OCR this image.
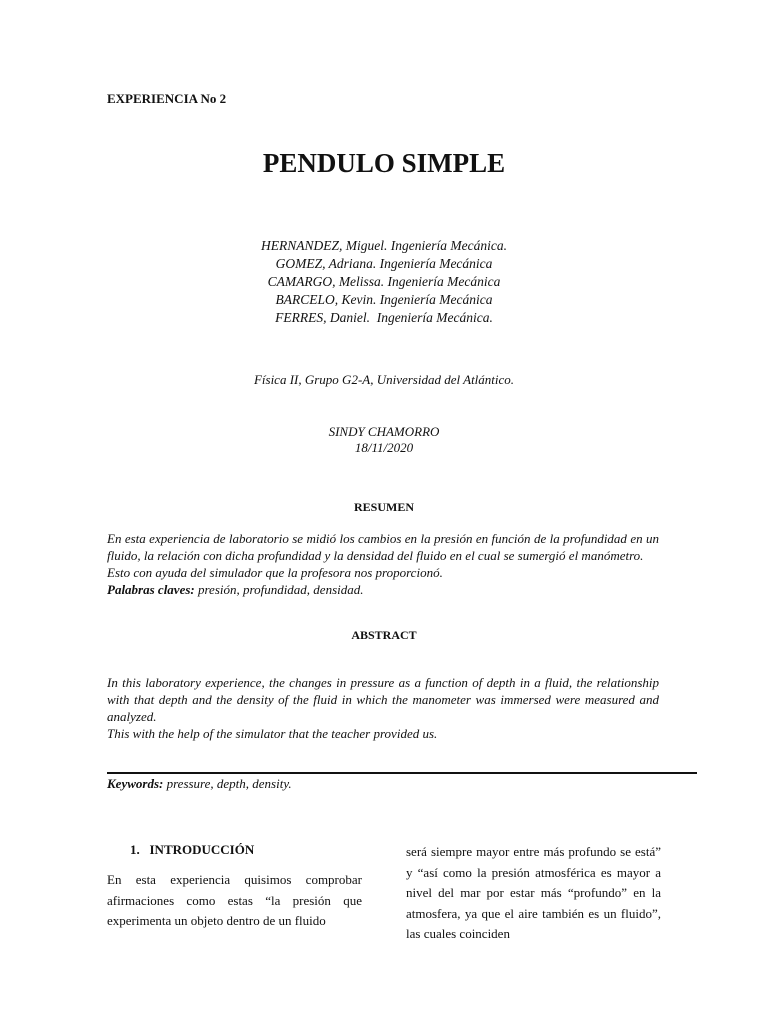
EXPERIENCIA No 2
PENDULO SIMPLE
HERNANDEZ, Miguel. Ingeniería Mecánica.
GOMEZ, Adriana. Ingeniería Mecánica
CAMARGO, Melissa. Ingeniería Mecánica
BARCELO, Kevin. Ingeniería Mecánica
FERRES, Daniel.  Ingeniería Mecánica.
Física II, Grupo G2-A, Universidad del Atlántico.
SINDY CHAMORRO
18/11/2020
RESUMEN

En esta experiencia de laboratorio se midió los cambios en la presión en función de la profundidad en un fluido, la relación con dicha profundidad y la densidad del fluido en el cual se sumergió el manómetro.

Esto con ayuda del simulador que la profesora nos proporcionó.

Palabras claves: presión, profundidad, densidad.

ABSTRACT

In this laboratory experience, the changes in pressure as a function of depth in a fluid, the relationship with that depth and the density of the fluid in which the manometer was immersed were measured and analyzed.

This with the help of the simulator that the teacher provided us.

Keywords: pressure, depth, density.
1.   INTRODUCCIÓN
En esta experiencia quisimos comprobar afirmaciones como estas “la presión que experimenta un objeto dentro de un fluido
será siempre mayor entre más profundo se está” y “así como la presión atmosférica es mayor a nivel del mar por estar más “profundo” en la atmosfera, ya que el aire también es un fluido”, las cuales coinciden
